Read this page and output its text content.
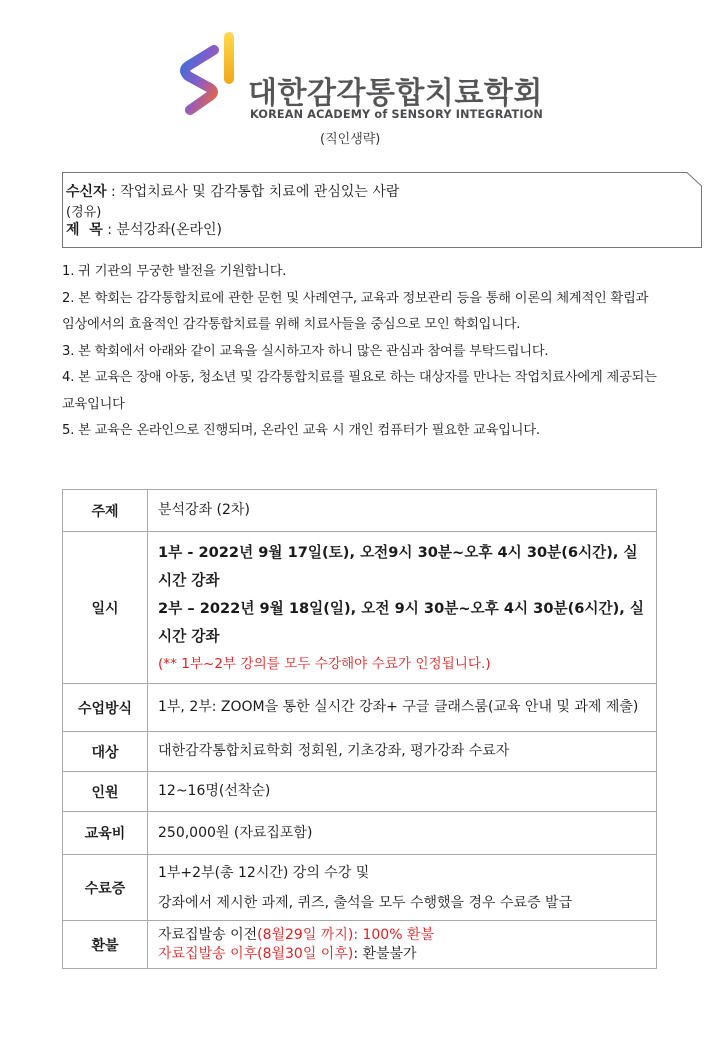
대한감각통합치료학회
KOREAN ACADEMY of SENSORY INTEGRATION
(직인생략)
수신자 : 작업치료사 및 감각통합 치료에 관심있는 사람
(경유)
제  목 : 분석강좌(온라인)

1. 귀 기관의 무궁한 발전을 기원합니다.

2. 본 학회는 감각통합치료에 관한 문헌 및 사례연구, 교육과 정보관리 등을 통해 이론의 체계적인 확립과 임상에서의 효율적인 감각통합치료를 위해 치료사들을 중심으로 모인 학회입니다.

3. 본 학회에서 아래와 같이 교육을 실시하고자 하니 많은 관심과 참여를 부탁드립니다.

4. 본 교육은 장애 아동, 청소년 및 감각통합치료를 필요로 하는 대상자를 만나는 작업치료사에게 제공되는 교육입니다

5. 본 교육은 온라인으로 진행되며, 온라인 교육 시 개인 컴퓨터가 필요한 교육입니다.

주제	분석강좌 (2차)
일시	1부 - 2022년 9월 17일(토), 오전9시 30분~오후 4시 30분(6시간), 실시간 강좌
2부 – 2022년 9월 18일(일), 오전 9시 30분~오후 4시 30분(6시간), 실시간 강좌
(** 1부~2부 강의를 모두 수강해야 수료가 인정됩니다.)

수업방식	1부, 2부: ZOOM을 통한 실시간 강좌+ 구글 클래스룸(교육 안내 및 과제 제출)
대상	대한감각통합치료학회 정회원, 기초강좌, 평가강좌 수료자
인원	12~16명(선착순)
교육비	250,000원 (자료집포함)
수료증	1부+2부(총 12시간) 강의 수강 및
강좌에서 제시한 과제, 퀴즈, 출석을 모두 수행했을 경우 수료증 발급

환불	자료집발송 이전(8월29일 까지): 100% 환불
자료집발송 이후(8월30일 이후): 환불불가
